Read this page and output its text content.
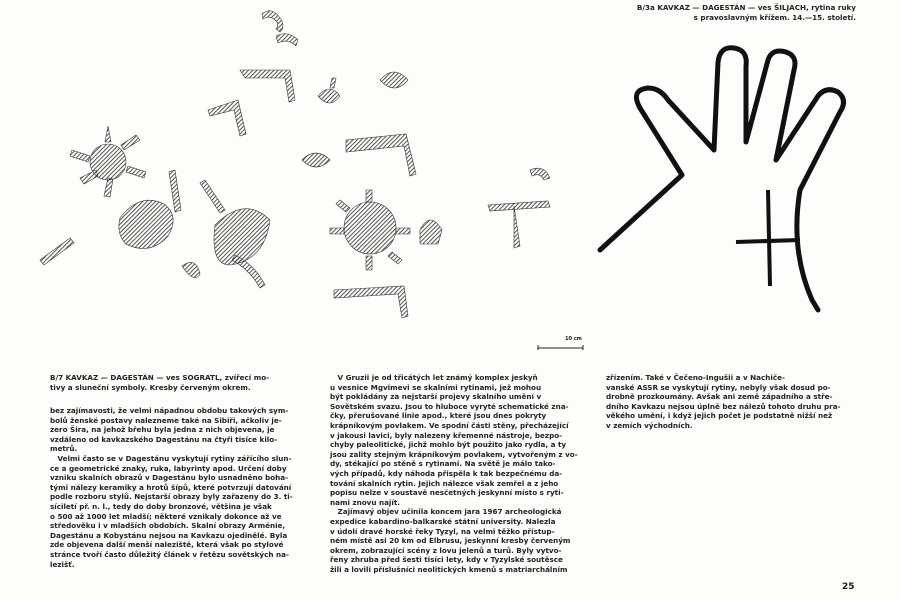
10 cm

B/7 KAVKAZ — DAGESTÁN — ves SOGRATL, zvířecí mo-

tivy a sluneční symboly. Kresby červeným okrem.

B/3a KAVKAZ — DAGESTÁN — ves ŠILJACH, rytina ruky

s pravoslavným křížem. 14.—15. století.

bez zajímavosti, že velmi nápadnou obdobu takových sym-

bolů ženské postavy nalezneme také na Sibiři, ačkoliv je-

zero Šira, na jehož břehu byla jedna z nich objevena, je

vzdáleno od kavkazského Dagestánu na čtyři tisíce kilo-

metrů.

Velmi často se v Dagestánu vyskytují rytiny zářícího slun-

ce a geometrické znaky, ruka, labyrinty apod. Určení doby

vzniku skalních obrazů v Dagestánu bylo usnadněno boha-

tými nálezy keramiky a hrotů šípů, které potvrzují datování

podle rozboru stylů. Nejstarší obrazy byly zařazeny do 3. ti-

síciletí př. n. l., tedy do doby bronzové, většina je však

o 500 až 1000 let mladší; některé vznikaly dokonce až ve

středověku i v mladších obdobích. Skalní obrazy Arménie,

Dagestánu a Kobystánu nejsou na Kavkazu ojedinělé. Byla

zde objevena další menší naleziště, která však po stylové

stránce tvoří často důležitý článek v řetězu sovětských na-

lezišť.

V Gruzii je od třicátých let známý komplex jeskyň

u vesnice Mgvimevi se skalními rytinami, jež mohou

být pokládány za nejstarší projevy skalního umění v

Sovětském svazu. Jsou to hluboce vyryté schematické zna-

čky, přerušované linie apod., které jsou dnes pokryty

krápníkovým povlakem. Ve spodní části stěny, přecházející

v jakousi lavici, byly nalezeny křemenné nástroje, bezpo-

chyby paleolitické, jichž mohlo být použito jako rydla, a ty

jsou zality stejným krápníkovým povlakem, vytvořeným z vo-

dy, stékající po stěně s rytinami. Na světě je málo tako-

vých případů, kdy náhoda přispěla k tak bezpečnému da-

tování skalních rytin. Jejich nálezce však zemřel a z jeho

popisu nelze v soustavě nesčetných jeskynní místo s ryti-

nami znovu najít.

Zajímavý objev učinila koncem jara 1967 archeologická

expedice kabardino-balkarské státní university. Nalezla

v údolí dravé horské řeky Tyzyl, na velmi těžko přístup-

ném místě asi 20 km od Elbrusu, jeskynní kresby červeným

okrem, zobrazující scény z lovu jelenů a turů. Byly vytvo-

řeny zhruba před šesti tisíci lety, kdy v Tyzylské soutěsce

žili a lovili příslušníci neolitických kmenů s matriarchálním

zřízením. Také v Čečeno-Ingušii a v Nachiče-

vanské ASSR se vyskytují rytiny, nebyly však dosud po-

drobně prozkoumány. Avšak ani země západního a stře-

dního Kavkazu nejsou úplně bez nálezů tohoto druhu pra-

věkého umění, i když jejich počet je podstatně nižší než

v zemích východních.

25
